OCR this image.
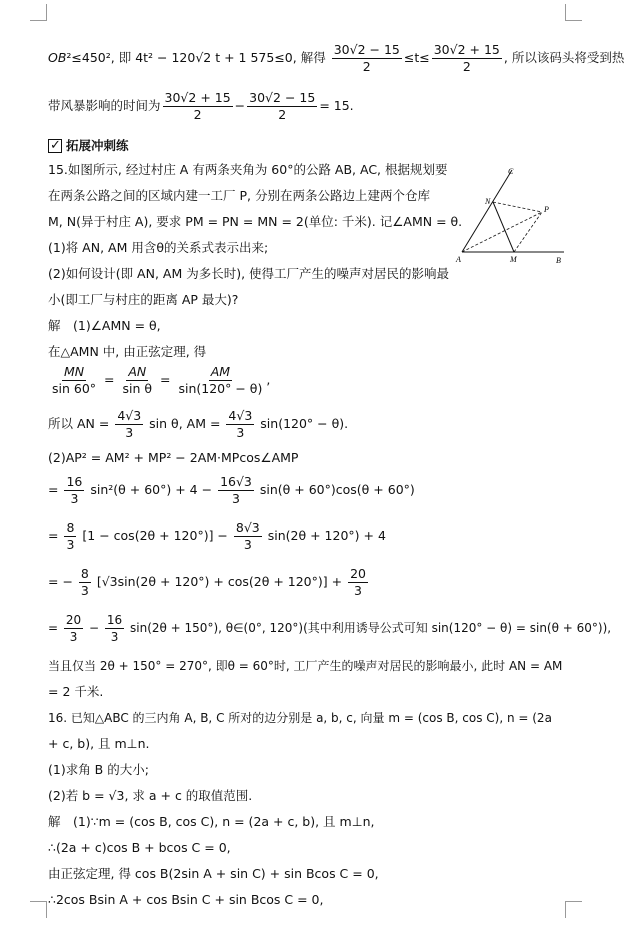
OB²≤450², 即 4t² − 120√2 t + 1 575≤0, 解得 $\frac{30√2 - 15}{2} \le t\le \frac{30√2 + 15}{2}$ , 所以该码头将受到热
带风暴影响的时间为 $\frac{30√2 + 15}{2} - \frac{30√2 - 15}{2} = 15$.
✓
拓展冲刺练
15.如图所示, 经过村庄 A 有两条夹角为 60°的公路 AB, AC, 根据规划要
在两条公路之间的区域内建一工厂 P, 分别在两条公路边上建两个仓库
M, N(异于村庄 A), 要求 PM = PN = MN = 2(单位: 千米). 记∠AMN = θ.
(1)将 AN, AM 用含θ的关系式表示出来;
(2)如何设计(即 AN, AM 为多长时), 使得工厂产生的噪声对居民的影响最
小(即工厂与村庄的距离 AP 最大)?
解　(1)∠AMN = θ,
在△AMN 中, 由正弦定理, 得
$\frac{MN}{\sin 60^\circ} = \frac{AN}{\text{sin θ}} = \frac{AM}{\sin(120^\circ - \theta)}$ ,
所以 AN = $\frac{4√3}{3}$ sin θ, AM = $\frac{4√3}{3} \sin(120^\circ - \theta)$.
(2)AP² = AM² + MP² − 2AM·MPcos∠AMP
= $\frac{16}{3} \sin^2(\theta + 60^\circ) + 4 - \frac{16√3}{3} \sin(\theta + 60^\circ)\cos(\theta + 60^\circ)$
= $\frac{8}{3} [1 - \cos(2\theta + 120^\circ)] - \frac{8√3}{3} \sin(2\theta + 120^\circ) + 4$
= − $\frac{8}{3} [√3\sin(2\theta + 120^\circ) + \cos(2\theta + 120^\circ)] + \frac{20}{3}$
= $\frac{20}{3} - \frac{16}{3} \sin(2\theta + 150^\circ)$, θ∈(0°, 120°)(其中利用诱导公式可知 sin(120° − θ) = sin(θ + 60°)),
当且仅当 2θ + 150° = 270°, 即θ = 60°时, 工厂产生的噪声对居民的影响最小, 此时 AN = AM
= 2 千米.
16. 已知△ABC 的三内角 A, B, C 所对的边分别是 a, b, c, 向量 m = (cos B, cos C), n = (2a
+ c, b), 且 m⊥n.
(1)求角 B 的大小;
(2)若 b = √3, 求 a + c 的取值范围.
解　(1)∵m = (cos B, cos C), n = (2a + c, b), 且 m⊥n,
∴(2a + c)cos B + bcos C = 0,
由正弦定理, 得 cos B(2sin A + sin C) + sin Bcos C = 0,
∴2cos Bsin A + cos Bsin C + sin Bcos C = 0,
A	B
C
M
N
P
